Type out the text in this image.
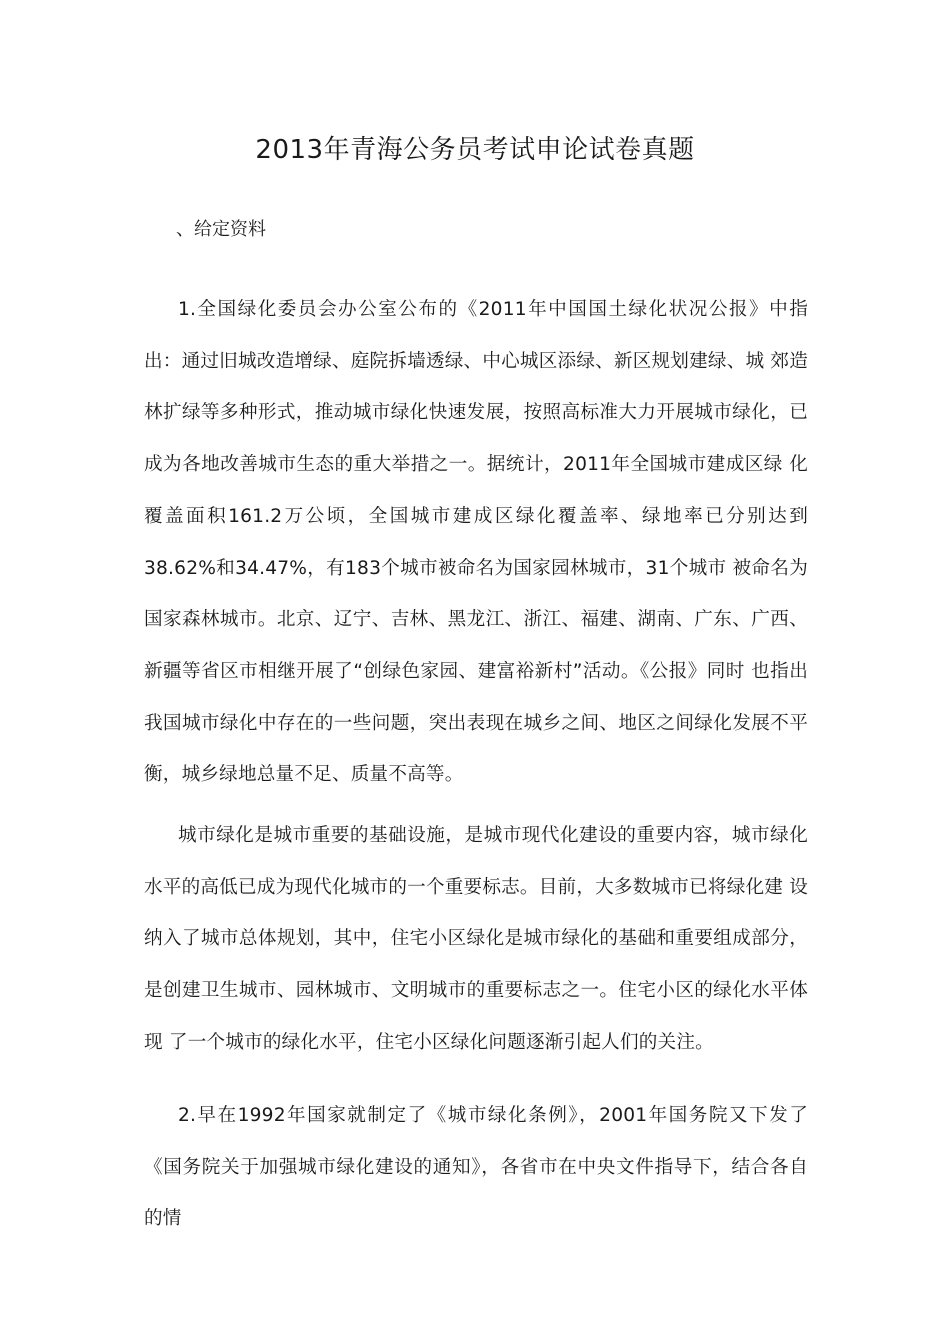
2013年青海公务员考试申论试卷真题

、给定资料

1.全国绿化委员会办公室公布的《2011年中国国土绿化状况公报》中指出：通过旧城改造增绿、庭院拆墙透绿、中心城区添绿、新区规划建绿、城 郊造林扩绿等多种形式，推动城市绿化快速发展，按照高标准大力开展城市绿化，已成为各地改善城市生态的重大举措之一。据统计，2011年全国城市建成区绿 化覆盖面积161.2万公顷，全国城市建成区绿化覆盖率、绿地率已分别达到38.62%和34.47%，有183个城市被命名为国家园林城市，31个城市 被命名为国家森林城市。北京、辽宁、吉林、黑龙江、浙江、福建、湖南、广东、广西、新疆等省区市相继开展了“创绿色家园、建富裕新村”活动。《公报》同时 也指出我国城市绿化中存在的一些问题，突出表现在城乡之间、地区之间绿化发展不平衡，城乡绿地总量不足、质量不高等。

城市绿化是城市重要的基础设施，是城市现代化建设的重要内容，城市绿化水平的高低已成为现代化城市的一个重要标志。目前，大多数城市已将绿化建 设纳入了城市总体规划，其中，住宅小区绿化是城市绿化的基础和重要组成部分，是创建卫生城市、园林城市、文明城市的重要标志之一。住宅小区的绿化水平体现 了一个城市的绿化水平，住宅小区绿化问题逐渐引起人们的关注。

2.早在1992年国家就制定了《城市绿化条例》，2001年国务院又下发了《国务院关于加强城市绿化建设的通知》，各省市在中央文件指导下，结合各自的情
